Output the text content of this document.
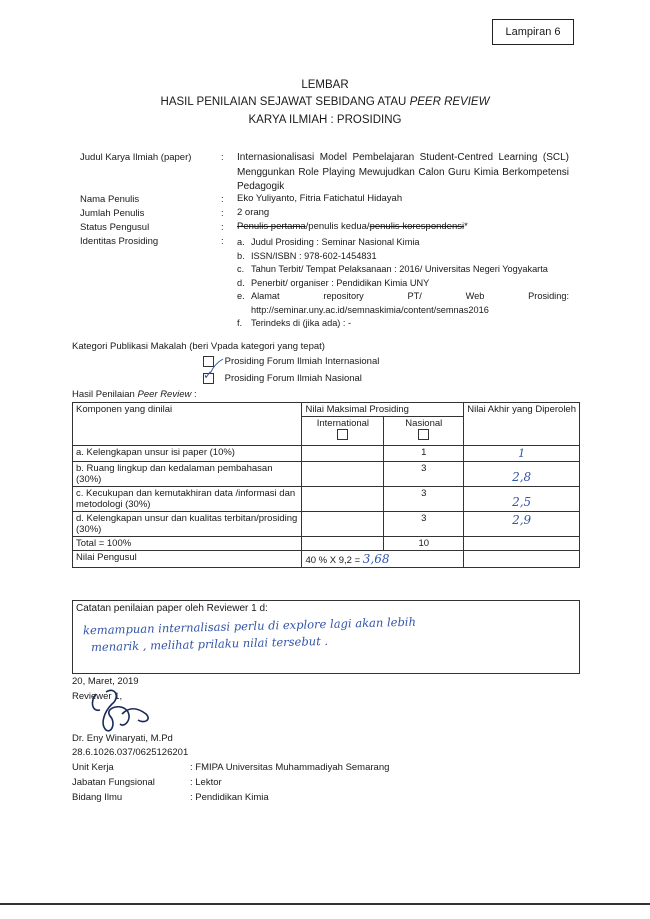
Lampiran 6
LEMBAR
HASIL PENILAIAN SEJAWAT SEBIDANG ATAU PEER REVIEW
KARYA ILMIAH : PROSIDING
Judul Karya Ilmiah (paper)	: Internasionalisasi Model Pembelajaran Student-Centred Learning (SCL) Menggunkan Role Playing Mewujudkan Calon Guru Kimia Berkompetensi Pedagogik
Nama Penulis	: Eko Yuliyanto, Fitria Fatichatul Hidayah
Jumlah Penulis	: 2 orang
Status Pengusul	: Penulis pertama/penulis kedua/penulis korespondensi*
Identitas Prosiding	: a. Judul Prosiding : Seminar Nasional Kimia
b. ISSN/ISBN : 978-602-1454831
c. Tahun Terbit/ Tempat Pelaksanaan : 2016/ Universitas Negeri Yogyakarta
d. Penerbit/ organiser : Pendidikan Kimia UNY
e. Alamat repository PT/ Web Prosiding: http://seminar.uny.ac.id/semnaskimia/content/semnas2016
f. Terindeks di (jika ada) : -
Kategori Publikasi Makalah (beri Vpada kategori yang tepat)
Prosiding Forum Ilmiah Internasional
✓ Prosiding Forum Ilmiah Nasional
Hasil Penilaian Peer Review :
Komponen yang dinilai	Nilai Maksimal Prosiding		Nilai Akhir yang Diperoleh

	International	Nasional	

a. Kelengkapan unsur isi paper (10%)		1	1
b. Ruang lingkup dan kedalaman pembahasan (30%)		3	2,8
c. Kecukupan dan kemutakhiran data /informasi dan metodologi (30%)		3	2,5
d. Kelengkapan unsur dan kualitas terbitan/prosiding (30%)		3	2,9
Total = 100%		10	
Nilai Pengusul	40 % X 9,2 = 3,68		
Catatan penilaian paper oleh Reviewer 1 d:
kemampuan internalisasi perlu di explore lagi akan lebih
menarik , melihat prilaku nilai tersebut .
20, Maret, 2019
Reviewer 1,
Dr. Eny Winaryati, M.Pd
28.6.1026.037/0625126201
Unit Kerja	: FMIPA Universitas Muhammadiyah Semarang
Jabatan Fungsional	: Lektor
Bidang Ilmu	: Pendidikan Kimia
